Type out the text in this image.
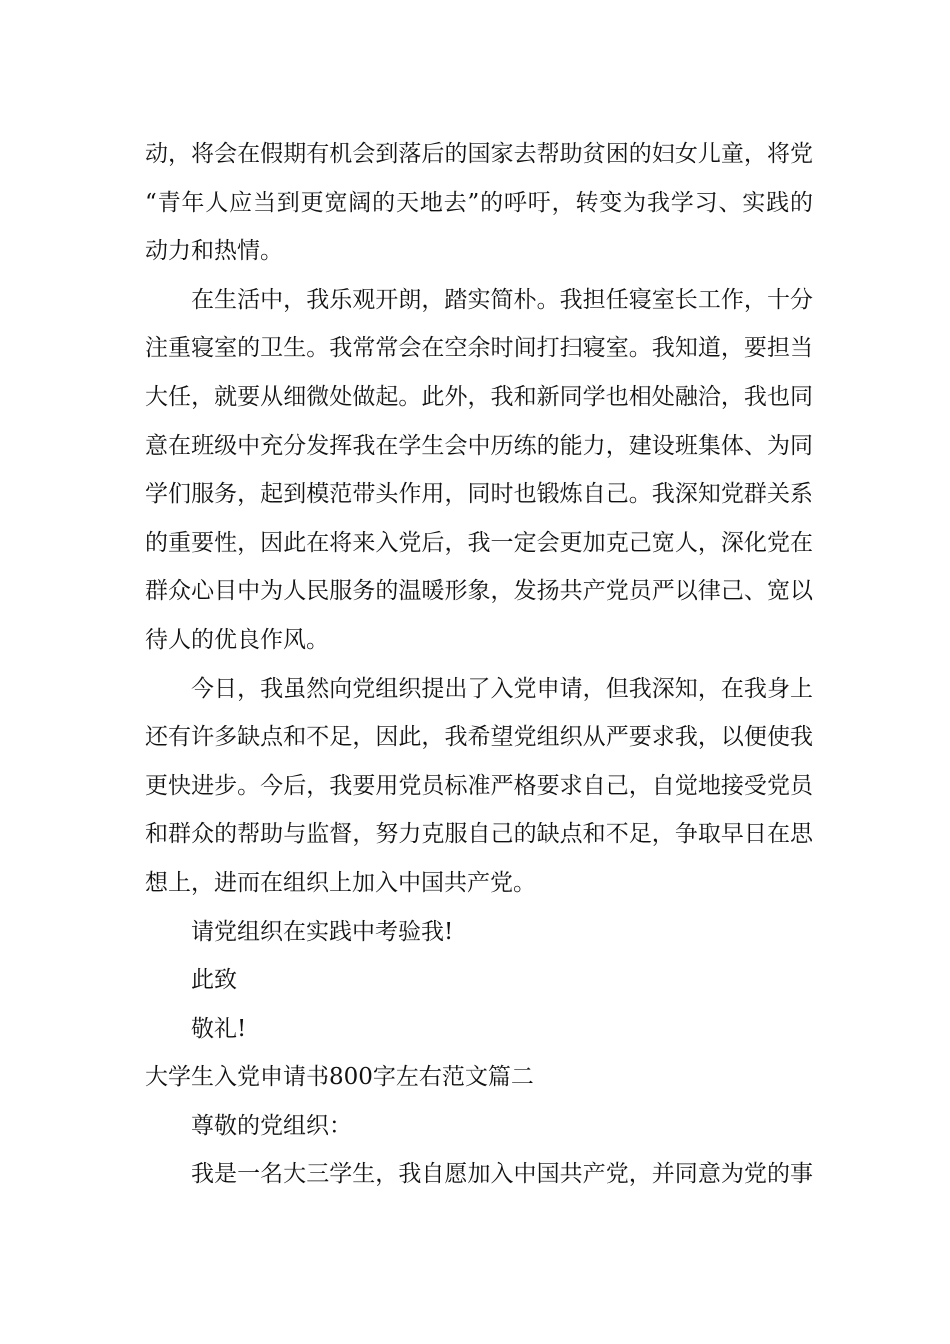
动，将会在假期有机会到落后的国家去帮助贫困的妇女儿童，将党
“青年人应当到更宽阔的天地去”的呼吁，转变为我学习、实践的
动力和热情。
在生活中，我乐观开朗，踏实简朴。我担任寝室长工作，十分
注重寝室的卫生。我常常会在空余时间打扫寝室。我知道，要担当
大任，就要从细微处做起。此外，我和新同学也相处融洽，我也同
意在班级中充分发挥我在学生会中历练的能力，建设班集体、为同
学们服务，起到模范带头作用，同时也锻炼自己。我深知党群关系
的重要性，因此在将来入党后，我一定会更加克己宽人，深化党在
群众心目中为人民服务的温暖形象，发扬共产党员严以律己、宽以
待人的优良作风。
今日，我虽然向党组织提出了入党申请，但我深知，在我身上
还有许多缺点和不足，因此，我希望党组织从严要求我，以便使我
更快进步。今后，我要用党员标准严格要求自己，自觉地接受党员
和群众的帮助与监督，努力克服自己的缺点和不足，争取早日在思
想上，进而在组织上加入中国共产党。
请党组织在实践中考验我!
此致
敬礼!
大学生入党申请书800字左右范文篇二
尊敬的党组织：
我是一名大三学生，我自愿加入中国共产党，并同意为党的事
